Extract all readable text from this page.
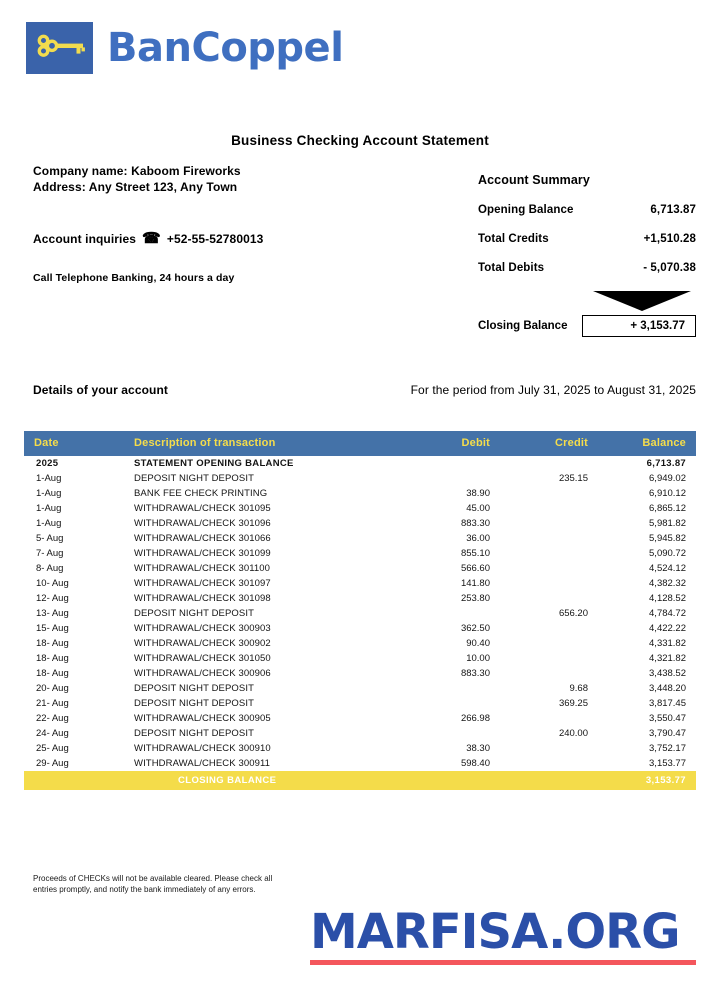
BanCoppel
Business Checking Account Statement
Company name: Kaboom Fireworks
Address: Any Street 123, Any Town
Account inquiries ☎ +52-55-52780013
Call Telephone Banking, 24 hours a day
Account Summary
Opening Balance	6,713.87
Total Credits	+1,510.28
Total Debits	- 5,070.38
Closing Balance	+ 3,153.77
Details of your account	For the period from July 31, 2025 to August 31, 2025
Date	Description of transaction	Debit	Credit	Balance
2025	STATEMENT OPENING BALANCE			6,713.87
1-Aug	DEPOSIT NIGHT DEPOSIT		235.15	6,949.02
1-Aug	BANK FEE CHECK PRINTING	38.90		6,910.12
1-Aug	WITHDRAWAL/CHECK 301095	45.00		6,865.12
1-Aug	WITHDRAWAL/CHECK 301096	883.30		5,981.82
5- Aug	WITHDRAWAL/CHECK 301066	36.00		5,945.82
7- Aug	WITHDRAWAL/CHECK 301099	855.10		5,090.72
8- Aug	WITHDRAWAL/CHECK 301100	566.60		4,524.12
10- Aug	WITHDRAWAL/CHECK 301097	141.80		4,382.32
12- Aug	WITHDRAWAL/CHECK 301098	253.80		4,128.52
13- Aug	DEPOSIT NIGHT DEPOSIT		656.20	4,784.72
15- Aug	WITHDRAWAL/CHECK 300903	362.50		4,422.22
18- Aug	WITHDRAWAL/CHECK 300902	90.40		4,331.82
18- Aug	WITHDRAWAL/CHECK 301050	10.00		4,321.82
18- Aug	WITHDRAWAL/CHECK 300906	883.30		3,438.52
20- Aug	DEPOSIT NIGHT DEPOSIT		9.68	3,448.20
21- Aug	DEPOSIT NIGHT DEPOSIT		369.25	3,817.45
22- Aug	WITHDRAWAL/CHECK 300905	266.98		3,550.47
24- Aug	DEPOSIT NIGHT DEPOSIT		240.00	3,790.47
25- Aug	WITHDRAWAL/CHECK 300910	38.30		3,752.17
29- Aug	WITHDRAWAL/CHECK 300911	598.40		3,153.77
	CLOSING BALANCE			3,153.77
Proceeds of CHECKs will not be available cleared. Please check all entries promptly, and notify the bank immediately of any errors.
MARFISA.ORG
